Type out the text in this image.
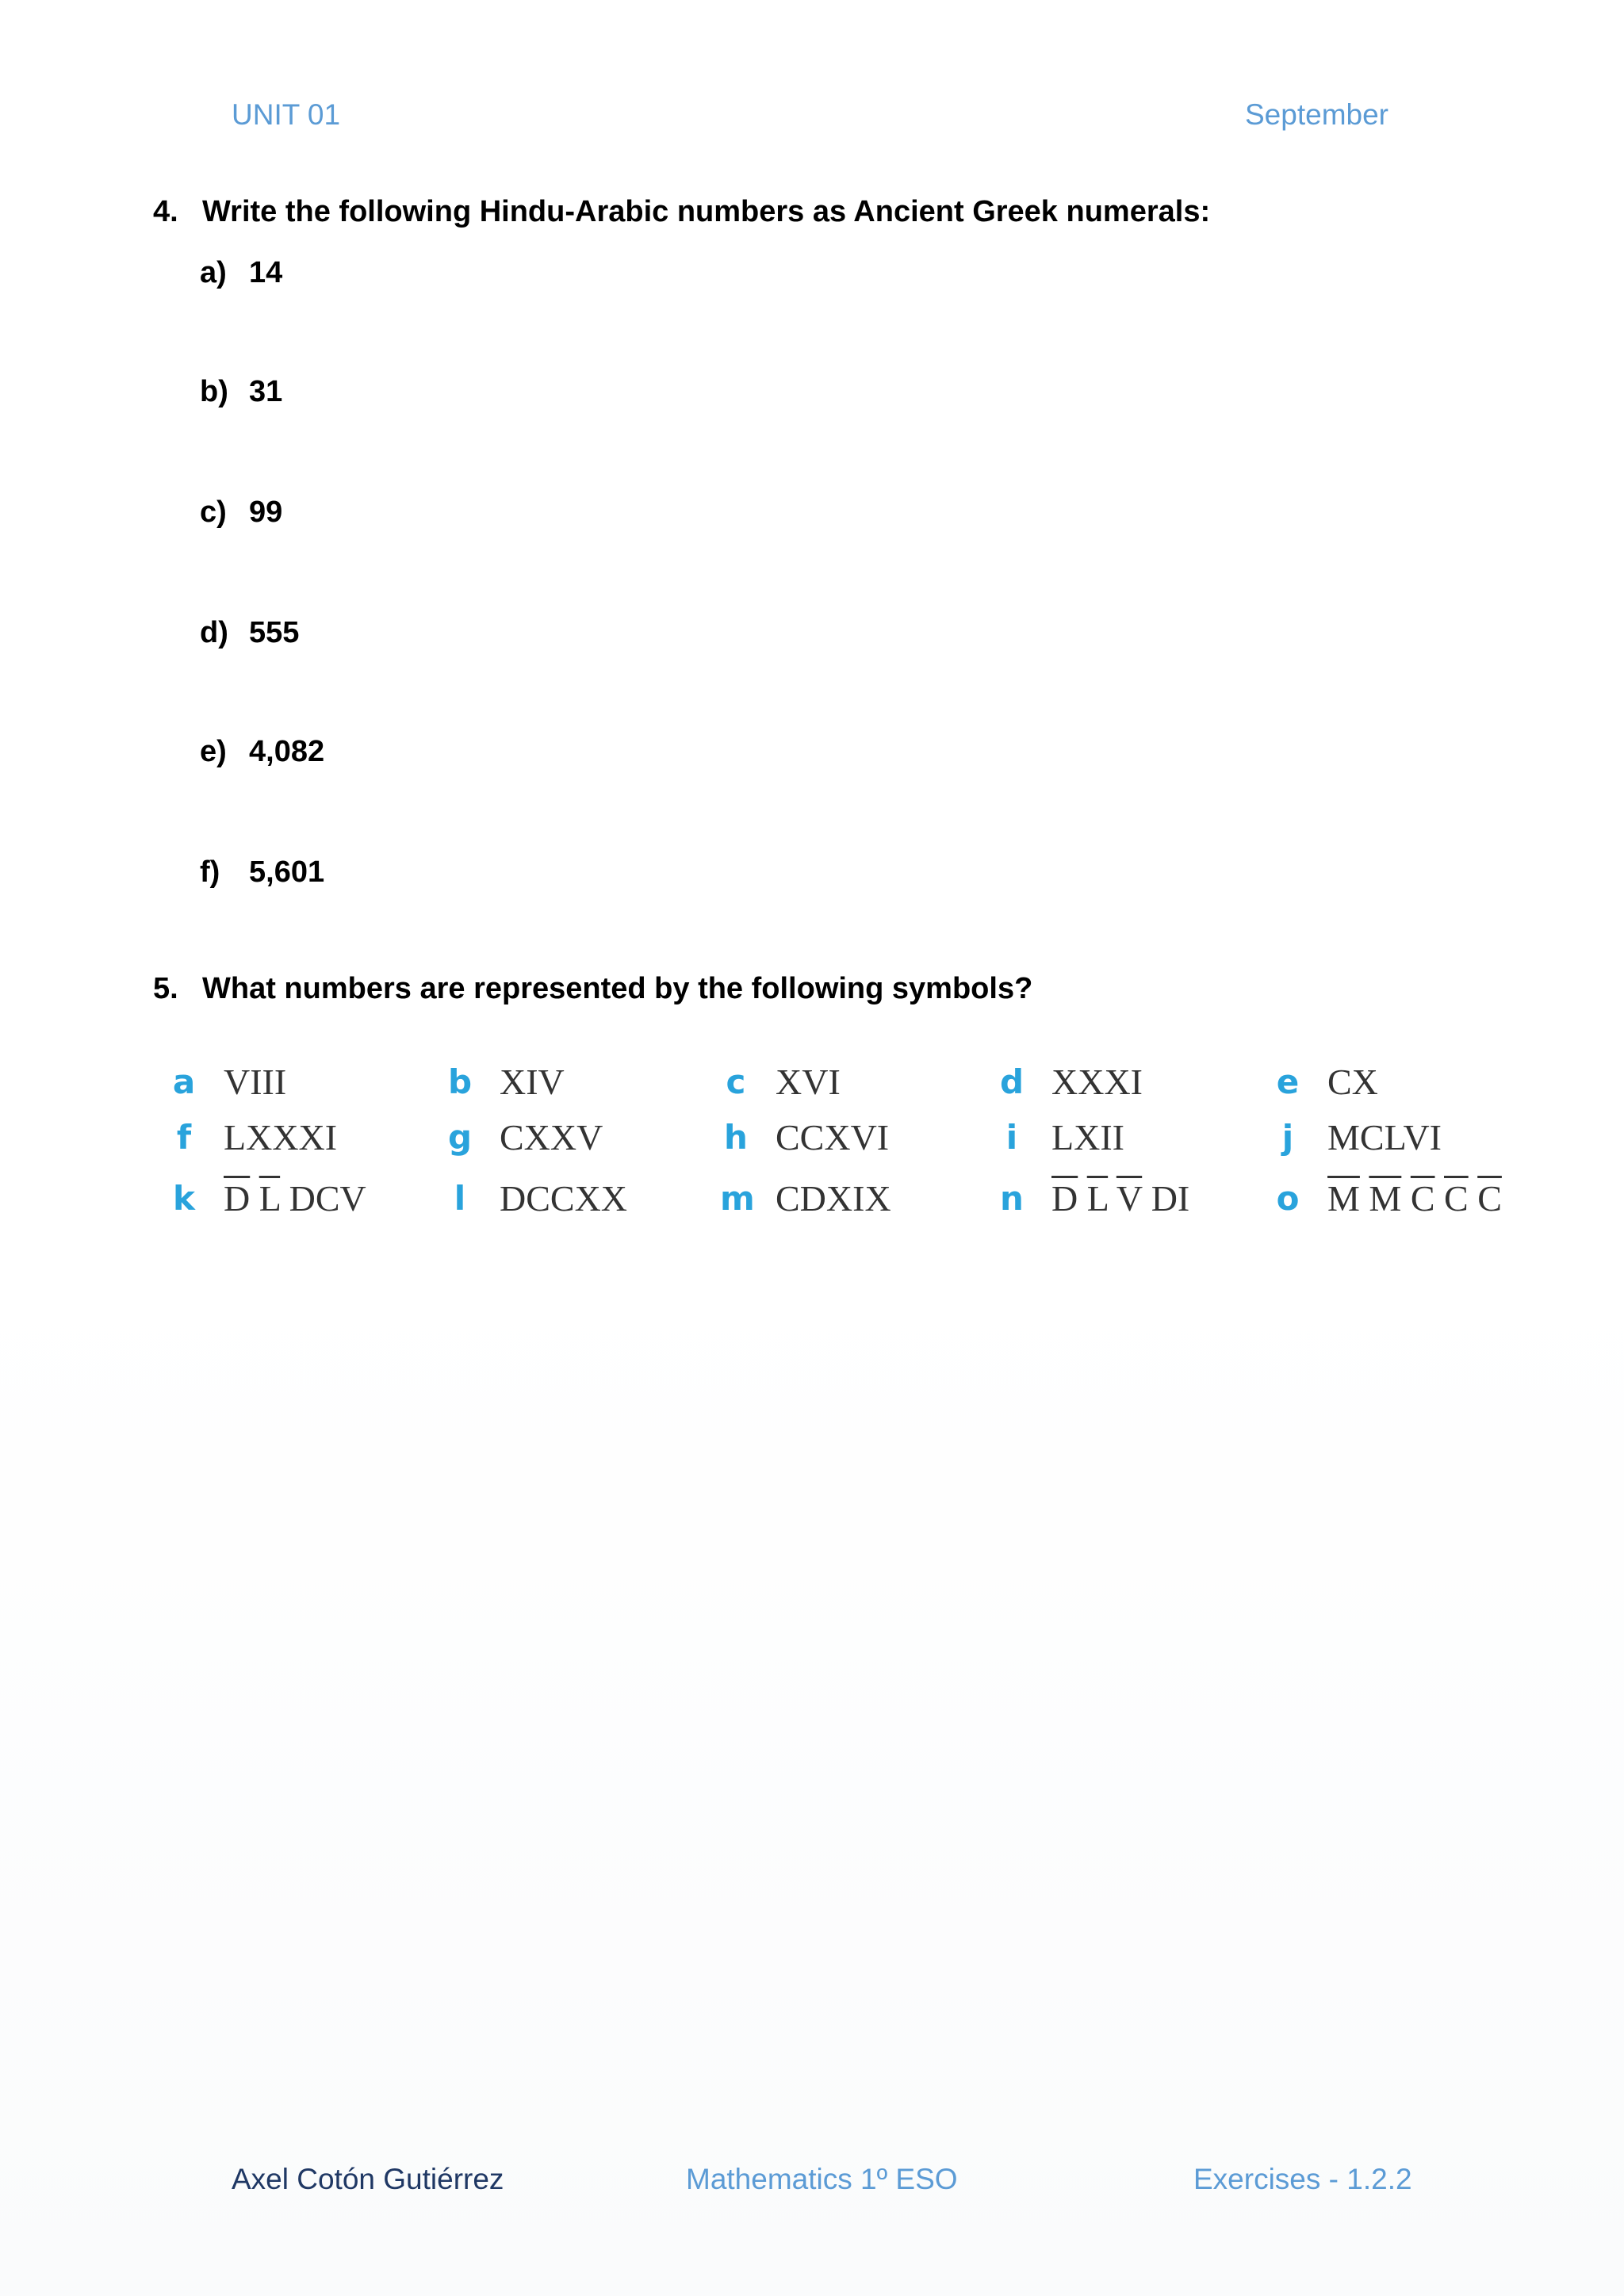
UNIT 01	September
4. Write the following Hindu-Arabic numbers as Ancient Greek numerals:
a) 14
b) 31
c) 99
d) 555
e) 4,082
f) 5,601
5. What numbers are represented by the following symbols?
a VIII	b XIV	c XVI	d XXXI	e CX
f LXXXI	g CXXV	h CCXVI	i LXII	j MCLVI
k $\overline{D}$ $\overline{L}$ DCV	l DCCXX	m CDXIX	n $\overline{D}$ $\overline{L}$ $\overline{V}$ DI	o $\overline{M}$ $\overline{M}$ $\overline{C}$ $\overline{C}$ $\overline{C}$
Axel Cotón Gutiérrez	Mathematics 1º ESO	Exercises - 1.2.2
